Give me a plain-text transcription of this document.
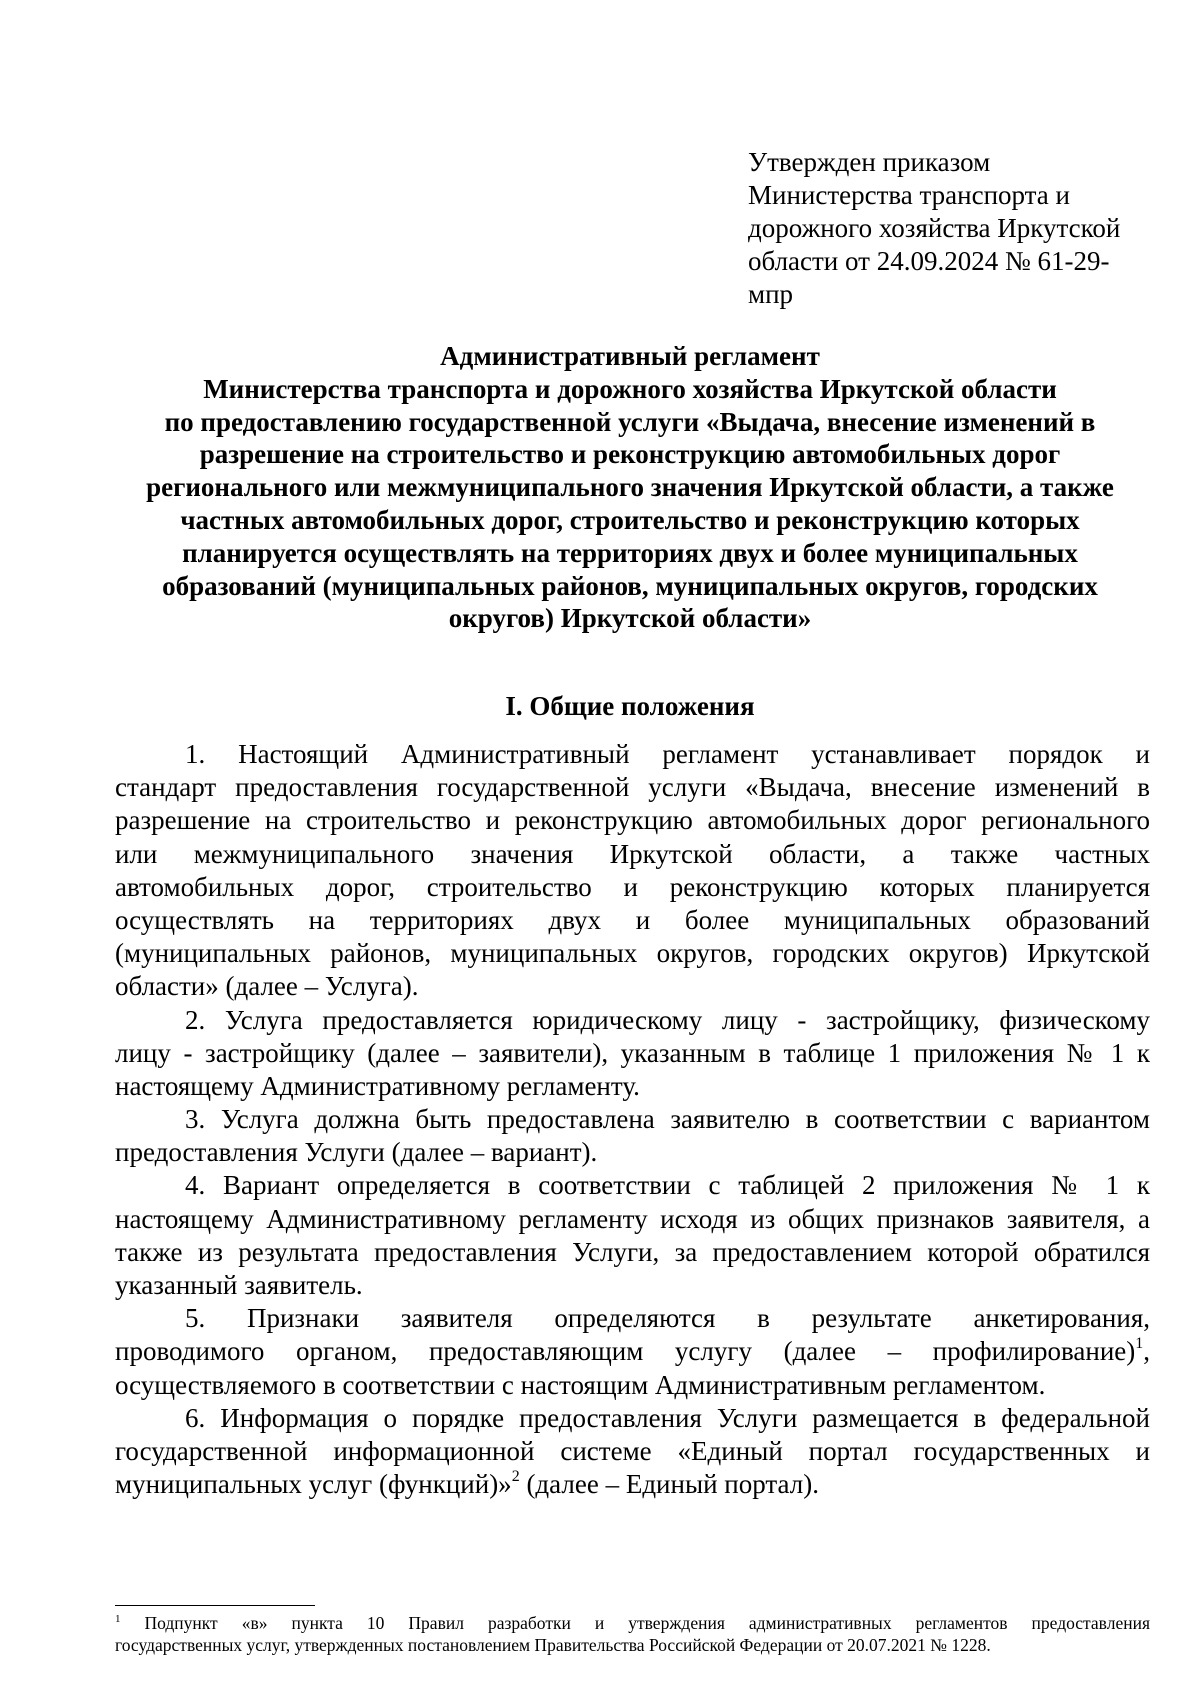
Утвержден приказом
Министерства транспорта и
дорожного хозяйства Иркутской
области от 24.09.2024 № 61-29-
мпр
Административный регламент
Министерства транспорта и дорожного хозяйства Иркутской области
по предоставлению государственной услуги «Выдача, внесение изменений в
разрешение на строительство и реконструкцию автомобильных дорог
регионального или межмуниципального значения Иркутской области, а также
частных автомобильных дорог, строительство и реконструкцию которых
планируется осуществлять на территориях двух и более муниципальных
образований (муниципальных районов, муниципальных округов, городских
округов) Иркутской области»
I. Общие положения
1. Настоящий Административный регламент устанавливает порядок и
стандарт предоставления государственной услуги «Выдача, внесение изменений в
разрешение на строительство и реконструкцию автомобильных дорог регионального
или межмуниципального значения Иркутской области, а также частных
автомобильных дорог, строительство и реконструкцию которых планируется
осуществлять на территориях двух и более муниципальных образований
(муниципальных районов, муниципальных округов, городских округов) Иркутской
области» (далее – Услуга).
2. Услуга предоставляется юридическому лицу - застройщику, физическому
лицу - застройщику (далее – заявители), указанным в таблице 1 приложения № 1 к
настоящему Административному регламенту.
3. Услуга должна быть предоставлена заявителю в соответствии с вариантом
предоставления Услуги (далее – вариант).
4. Вариант определяется в соответствии с таблицей 2 приложения № 1 к
настоящему Административному регламенту исходя из общих признаков заявителя, а
также из результата предоставления Услуги, за предоставлением которой обратился
указанный заявитель.
5. Признаки заявителя определяются в результате анкетирования,
проводимого органом, предоставляющим услугу (далее – профилирование)$^1$,
осуществляемого в соответствии с настоящим Административным регламентом.
6. Информация о порядке предоставления Услуги размещается в федеральной
государственной информационной системе «Единый портал государственных и
муниципальных услуг (функций)»$^2$ (далее – Единый портал).
$^1$ Подпункт «в» пункта 10 Правил разработки и утверждения административных регламентов предоставления
государственных услуг, утвержденных постановлением Правительства Российской Федерации от 20.07.2021 № 1228.
